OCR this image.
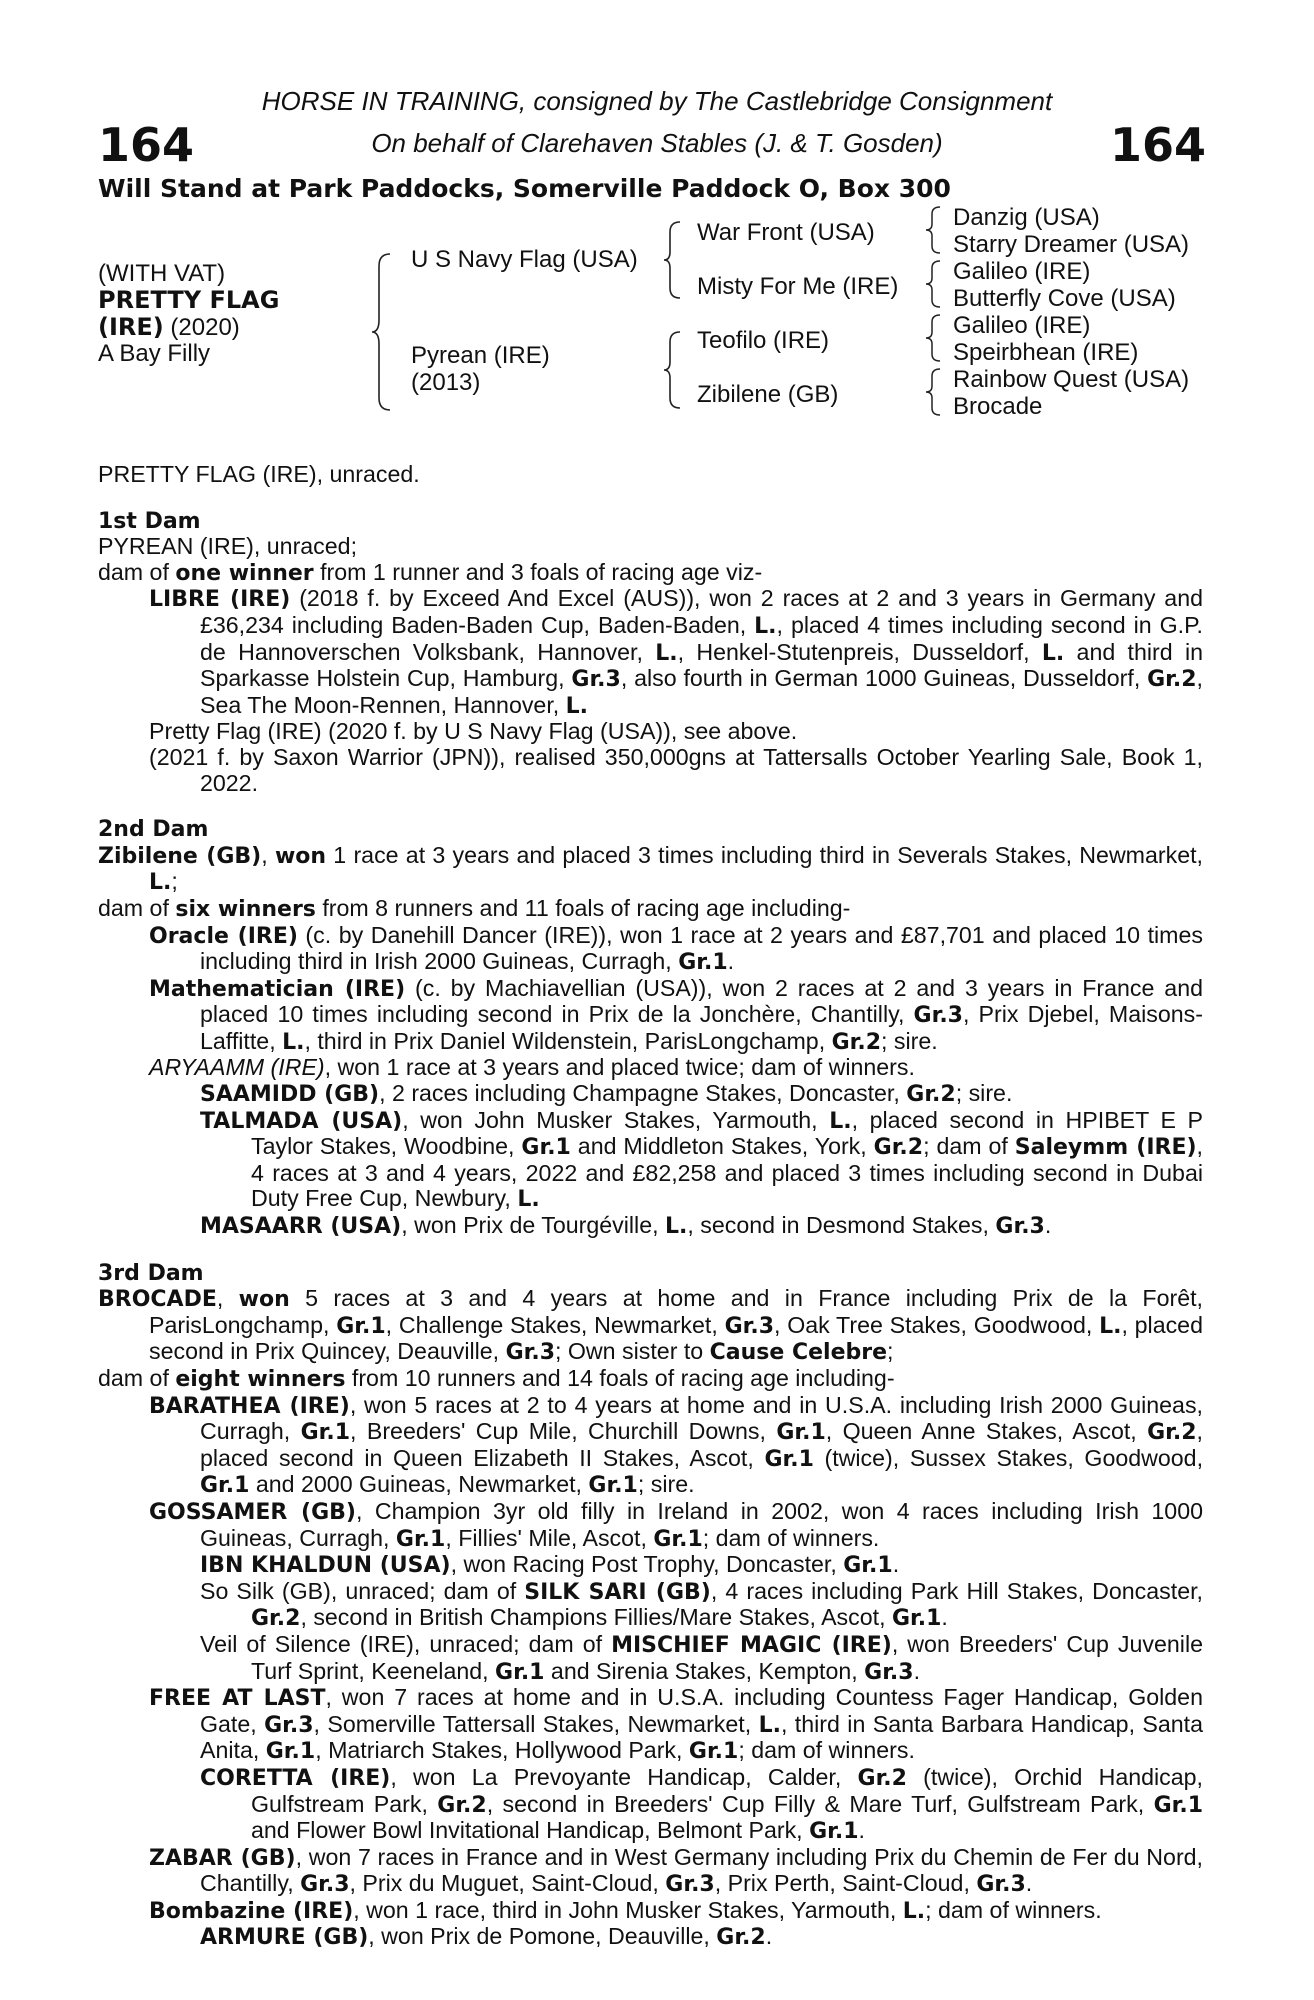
164	164
HORSE IN TRAINING, consigned by The Castlebridge Consignment
On behalf of Clarehaven Stables (J. & T. Gosden)
Will Stand at Park Paddocks, Somerville Paddock O, Box 300
(WITH VAT)
PRETTY FLAG
(IRE) (2020)
A Bay Filly
U S Navy Flag (USA)
Pyrean (IRE)
(2013)
War Front (USA)
Misty For Me (IRE)
Teofilo (IRE)
Zibilene (GB)
Danzig (USA)
Starry Dreamer (USA)
Galileo (IRE)
Butterfly Cove (USA)
Galileo (IRE)
Speirbhean (IRE)
Rainbow Quest (USA)
Brocade

PRETTY FLAG (IRE), unraced.

1st Dam

PYREAN (IRE), unraced;

dam of one winner from 1 runner and 3 foals of racing age viz-

LIBRE (IRE) (2018 f. by Exceed And Excel (AUS)), won 2 races at 2 and 3 years in Germany and £36,234 including Baden-Baden Cup, Baden-Baden, L., placed 4 times including second in G.P. de Hannoverschen Volksbank, Hannover, L., Henkel-Stutenpreis, Dusseldorf, L. and third in Sparkasse Holstein Cup, Hamburg, Gr.3, also fourth in German 1000 Guineas, Dusseldorf, Gr.2, Sea The Moon-Rennen, Hannover, L.

Pretty Flag (IRE) (2020 f. by U S Navy Flag (USA)), see above.

(2021 f. by Saxon Warrior (JPN)), realised 350,000gns at Tattersalls October Yearling Sale, Book 1, 2022.

2nd Dam

Zibilene (GB), won 1 race at 3 years and placed 3 times including third in Severals Stakes, Newmarket, L.;

dam of six winners from 8 runners and 11 foals of racing age including-

Oracle (IRE) (c. by Danehill Dancer (IRE)), won 1 race at 2 years and £87,701 and placed 10 times including third in Irish 2000 Guineas, Curragh, Gr.1.

Mathematician (IRE) (c. by Machiavellian (USA)), won 2 races at 2 and 3 years in France and placed 10 times including second in Prix de la Jonchère, Chantilly, Gr.3, Prix Djebel, Maisons-Laffitte, L., third in Prix Daniel Wildenstein, ParisLongchamp, Gr.2; sire.

ARYAAMM (IRE), won 1 race at 3 years and placed twice; dam of winners.

SAAMIDD (GB), 2 races including Champagne Stakes, Doncaster, Gr.2; sire.

TALMADA (USA), won John Musker Stakes, Yarmouth, L., placed second in HPIBET E P Taylor Stakes, Woodbine, Gr.1 and Middleton Stakes, York, Gr.2; dam of Saleymm (IRE), 4 races at 3 and 4 years, 2022 and £82,258 and placed 3 times including second in Dubai Duty Free Cup, Newbury, L.

MASAARR (USA), won Prix de Tourgéville, L., second in Desmond Stakes, Gr.3.

3rd Dam

BROCADE, won 5 races at 3 and 4 years at home and in France including Prix de la Forêt, ParisLongchamp, Gr.1, Challenge Stakes, Newmarket, Gr.3, Oak Tree Stakes, Goodwood, L., placed second in Prix Quincey, Deauville, Gr.3; Own sister to Cause Celebre;

dam of eight winners from 10 runners and 14 foals of racing age including-

BARATHEA (IRE), won 5 races at 2 to 4 years at home and in U.S.A. including Irish 2000 Guineas, Curragh, Gr.1, Breeders' Cup Mile, Churchill Downs, Gr.1, Queen Anne Stakes, Ascot, Gr.2, placed second in Queen Elizabeth II Stakes, Ascot, Gr.1 (twice), Sussex Stakes, Goodwood, Gr.1 and 2000 Guineas, Newmarket, Gr.1; sire.

GOSSAMER (GB), Champion 3yr old filly in Ireland in 2002, won 4 races including Irish 1000 Guineas, Curragh, Gr.1, Fillies' Mile, Ascot, Gr.1; dam of winners.

IBN KHALDUN (USA), won Racing Post Trophy, Doncaster, Gr.1.

So Silk (GB), unraced; dam of SILK SARI (GB), 4 races including Park Hill Stakes, Doncaster, Gr.2, second in British Champions Fillies/Mare Stakes, Ascot, Gr.1.

Veil of Silence (IRE), unraced; dam of MISCHIEF MAGIC (IRE), won Breeders' Cup Juvenile Turf Sprint, Keeneland, Gr.1 and Sirenia Stakes, Kempton, Gr.3.

FREE AT LAST, won 7 races at home and in U.S.A. including Countess Fager Handicap, Golden Gate, Gr.3, Somerville Tattersall Stakes, Newmarket, L., third in Santa Barbara Handicap, Santa Anita, Gr.1, Matriarch Stakes, Hollywood Park, Gr.1; dam of winners.

CORETTA (IRE), won La Prevoyante Handicap, Calder, Gr.2 (twice), Orchid Handicap, Gulfstream Park, Gr.2, second in Breeders' Cup Filly & Mare Turf, Gulfstream Park, Gr.1 and Flower Bowl Invitational Handicap, Belmont Park, Gr.1.

ZABAR (GB), won 7 races in France and in West Germany including Prix du Chemin de Fer du Nord, Chantilly, Gr.3, Prix du Muguet, Saint-Cloud, Gr.3, Prix Perth, Saint-Cloud, Gr.3.

Bombazine (IRE), won 1 race, third in John Musker Stakes, Yarmouth, L.; dam of winners.

ARMURE (GB), won Prix de Pomone, Deauville, Gr.2.
